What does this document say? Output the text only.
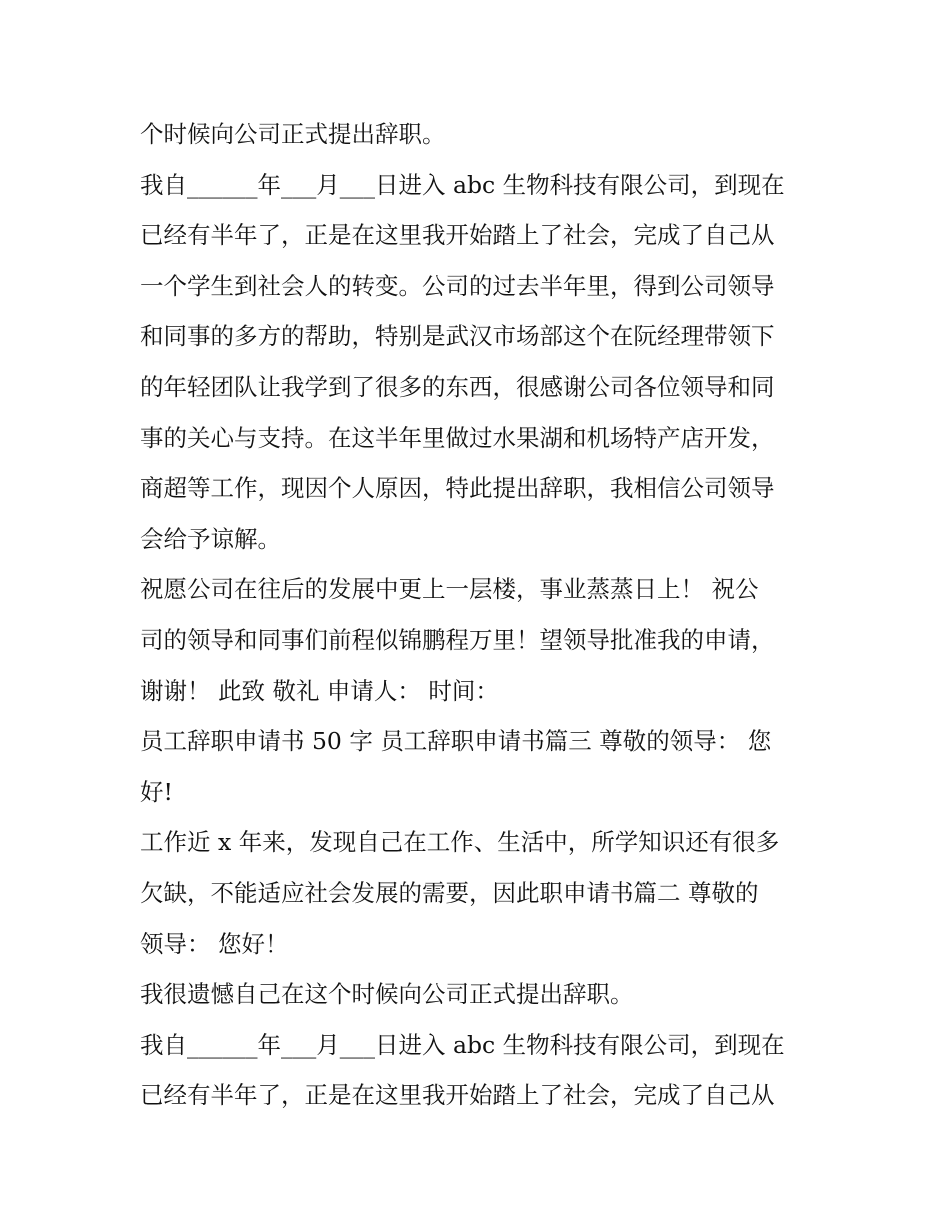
个时候向公司正式提出辞职。
我自______年___月___日进入 abc 生物科技有限公司，到现在
已经有半年了，正是在这里我开始踏上了社会，完成了自己从
一个学生到社会人的转变。公司的过去半年里，得到公司领导
和同事的多方的帮助，特别是武汉市场部这个在阮经理带领下
的年轻团队让我学到了很多的东西，很感谢公司各位领导和同
事的关心与支持。在这半年里做过水果湖和机场特产店开发，
商超等工作，现因个人原因，特此提出辞职，我相信公司领导
会给予谅解。
祝愿公司在往后的发展中更上一层楼，事业蒸蒸日上！ 祝公
司的领导和同事们前程似锦鹏程万里！望领导批准我的申请，
谢谢！ 此致 敬礼 申请人： 时间：
员工辞职申请书 50 字 员工辞职申请书篇三 尊敬的领导： 您
好!
工作近 x 年来，发现自己在工作、生活中，所学知识还有很多
欠缺，不能适应社会发展的需要，因此职申请书篇二 尊敬的
领导： 您好！
我很遗憾自己在这个时候向公司正式提出辞职。
我自______年___月___日进入 abc 生物科技有限公司，到现在
已经有半年了，正是在这里我开始踏上了社会，完成了自己从
